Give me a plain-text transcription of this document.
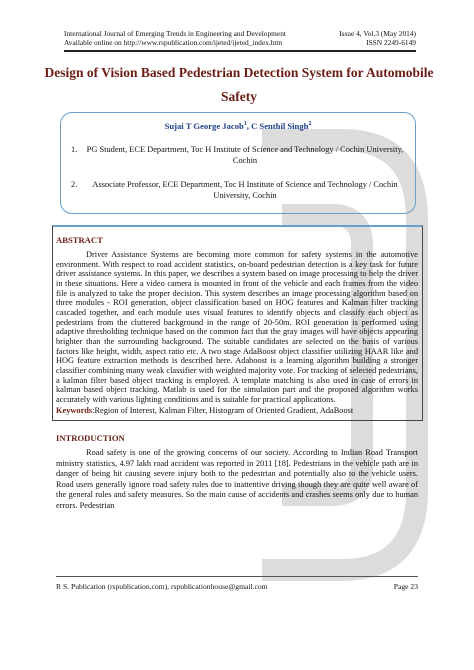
International Journal of Emerging Trends in Engineering and Development	Issue 4, Vol.3 (May 2014)
Available online on http://www.rspublication.com/ijeted/ijeted_index.htm	ISSN 2249-6149
Design of Vision Based Pedestrian Detection System for Automobile Safety
Sujai T George Jacob$^1$, C Senthil Singh$^2$
1. PG Student, ECE Department, Toc H Institute of Science and Technology / Cochin University, Cochin
2.	Associate Professor, ECE Department, Toc H Institute of Science and Technology / Cochin University, Cochin
ABSTRACT
Driver Assistance Systems are becoming more common for safety systems in the automotive environment. With respect to road accident statistics, on-board pedestrian detection is a key task for future driver assistance systems. In this paper, we describes a system based on image processing to help the driver in these situations. Here a video camera is mounted in front of the vehicle and each frames from the video file is analyzed to take the proper decision. This system describes an image processing algorithm based on three modules - ROI generation, object classification based on HOG features and Kalman filter tracking cascaded together, and each module uses visual features to identify objects and classify each object as pedestrians from the cluttered background in the range of 20-50m. ROI generation is performed using adaptive thresholding technique based on the common fact that the gray images will have objects appearing brighter than the surrounding background. The suitable candidates are selected on the basis of various factors like height, width, aspect ratio etc. A two stage AdaBoost object classifier utilizing HAAR like and HOG feature extraction methods is described here. Adaboost is a learning algorithm building a stronger classifier combining many weak classifier with weighted majority vote. For tracking of selected pedestrians, a kalman filter based object tracking is employed. A template matching is also used in case of errors in kalman based object tracking. Matlab is used for the simulation part and the proposed algorithm works accurately with various lighting conditions and is suitable for practical applications.
Keywords:Region of Interest, Kalman Filter, Histogram of Oriented Gradient, AdaBoost
INTRODUCTION
Road safety is one of the growing concerns of our society. According to Indian Road Transport ministry statistics, 4.97 lakh road accident was reported in 2011 [18]. Pedestrians in the vehicle path are in danger of being hit causing severe injury both to the pedestrian and potentially also to the vehicle users. Road users generally ignore road safety rules due to inattentive driving though they are quite well aware of the general rules and safety measures. So the main cause of accidents and crashes seems only due to human errors. Pedestrian
R S. Publication (rspublication.com), rspublicationhouse@gmail.com	Page 23
